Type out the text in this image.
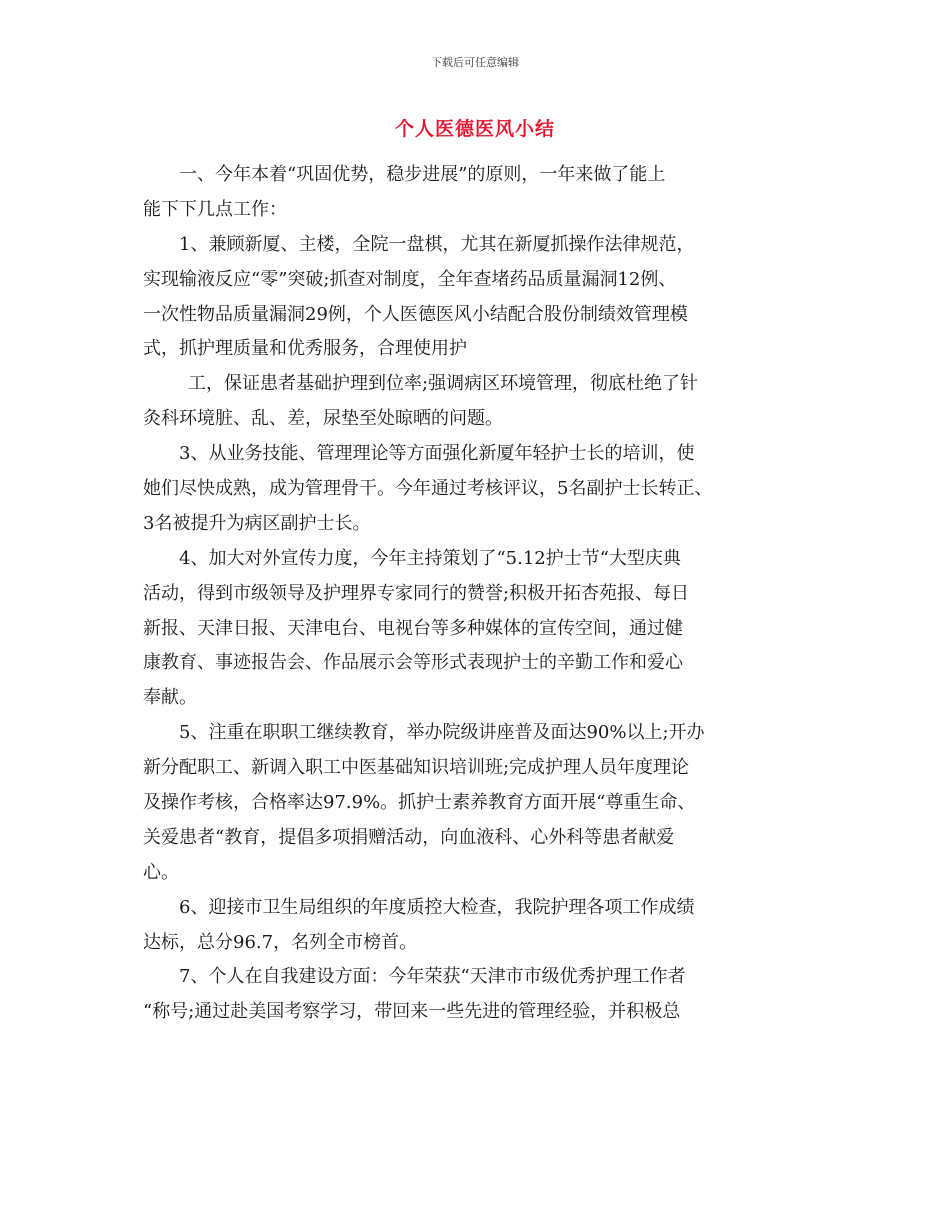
下载后可任意编辑
个人医德医风小结
一、今年本着“巩固优势，稳步进展”的原则，一年来做了能上
能下下几点工作：
1、兼顾新厦、主楼，全院一盘棋，尤其在新厦抓操作法律规范，
实现输液反应“零”突破;抓查对制度，全年查堵药品质量漏洞12例、
一次性物品质量漏洞29例，个人医德医风小结配合股份制绩效管理模
式，抓护理质量和优秀服务，合理使用护
工，保证患者基础护理到位率;强调病区环境管理，彻底杜绝了针
灸科环境脏、乱、差，尿垫至处晾晒的问题。
3、从业务技能、管理理论等方面强化新厦年轻护士长的培训，使
她们尽快成熟，成为管理骨干。今年通过考核评议，5名副护士长转正、
3名被提升为病区副护士长。
4、加大对外宣传力度，今年主持策划了“5.12护士节“大型庆典
活动，得到市级领导及护理界专家同行的赞誉;积极开拓杏苑报、每日
新报、天津日报、天津电台、电视台等多种媒体的宣传空间，通过健
康教育、事迹报告会、作品展示会等形式表现护士的辛勤工作和爱心
奉献。
5、注重在职职工继续教育，举办院级讲座普及面达90%以上;开办
新分配职工、新调入职工中医基础知识培训班;完成护理人员年度理论
及操作考核，合格率达97.9%。抓护士素养教育方面开展“尊重生命、
关爱患者“教育，提倡多项捐赠活动，向血液科、心外科等患者献爱
心。
6、迎接市卫生局组织的年度质控大检查，我院护理各项工作成绩
达标，总分96.7，名列全市榜首。
7、个人在自我建设方面：今年荣获“天津市市级优秀护理工作者
“称号;通过赴美国考察学习，带回来一些先进的管理经验，并积极总
